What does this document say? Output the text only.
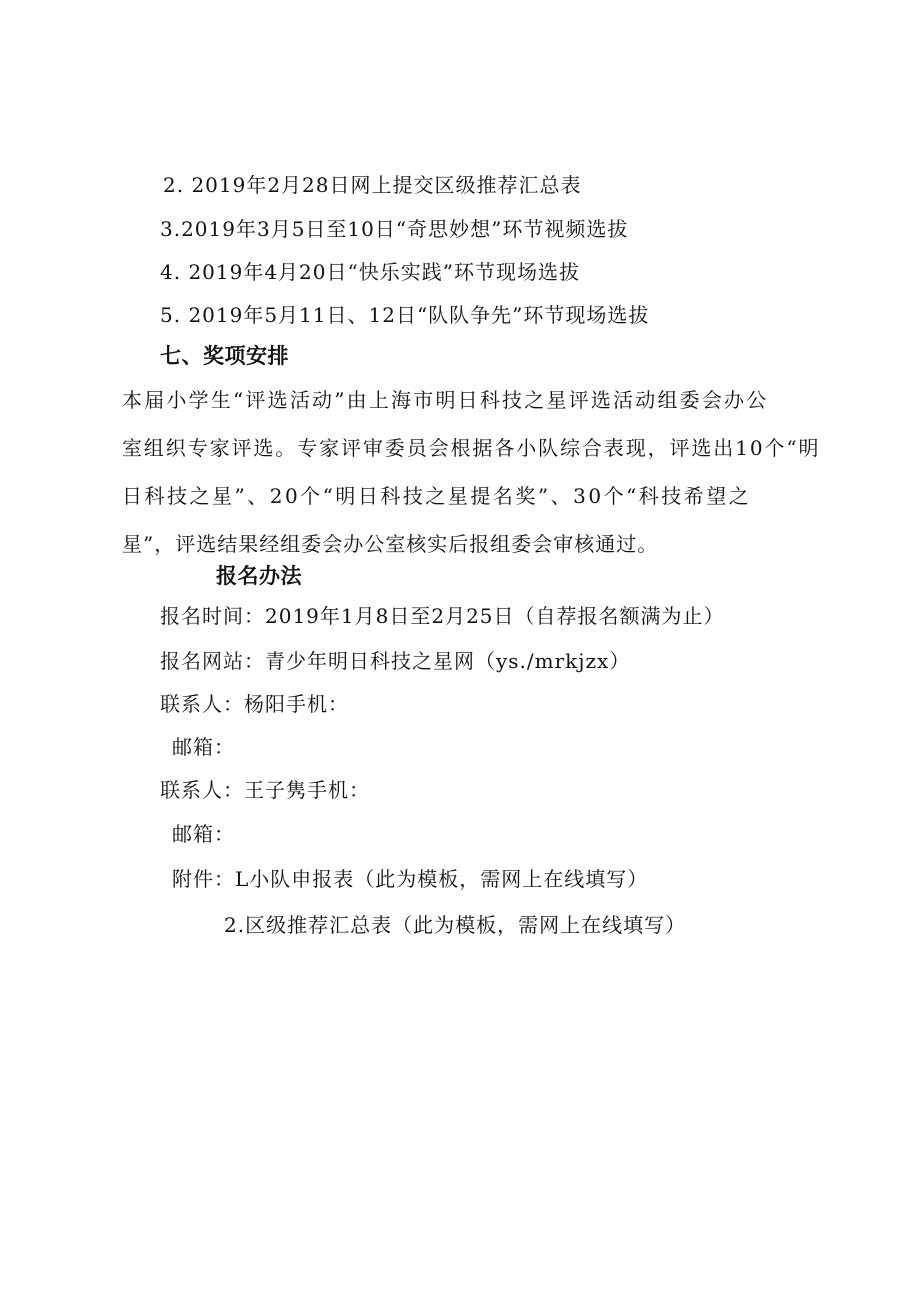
2. 2019年2月28日网上提交区级推荐汇总表
3.2019年3月5日至10日“奇思妙想”环节视频选拔
4. 2019年4月20日“快乐实践”环节现场选拔
5. 2019年5月11日、12日“队队争先”环节现场选拔
七、奖项安排
本届小学生“评选活动”由上海市明日科技之星评选活动组委会办公
室组织专家评选。专家评审委员会根据各小队综合表现，评选出10个“明
日科技之星”、20个“明日科技之星提名奖”、30个“科技希望之
星”，评选结果经组委会办公室核实后报组委会审核通过。
报名办法
报名时间：2019年1月8日至2月25日（自荐报名额满为止）
报名网站：青少年明日科技之星网（ys./mrkjzx）
联系人：杨阳手机：
邮箱：
联系人：王子隽手机：
邮箱：
附件：L小队申报表（此为模板，需网上在线填写）
2.区级推荐汇总表（此为模板，需网上在线填写）
